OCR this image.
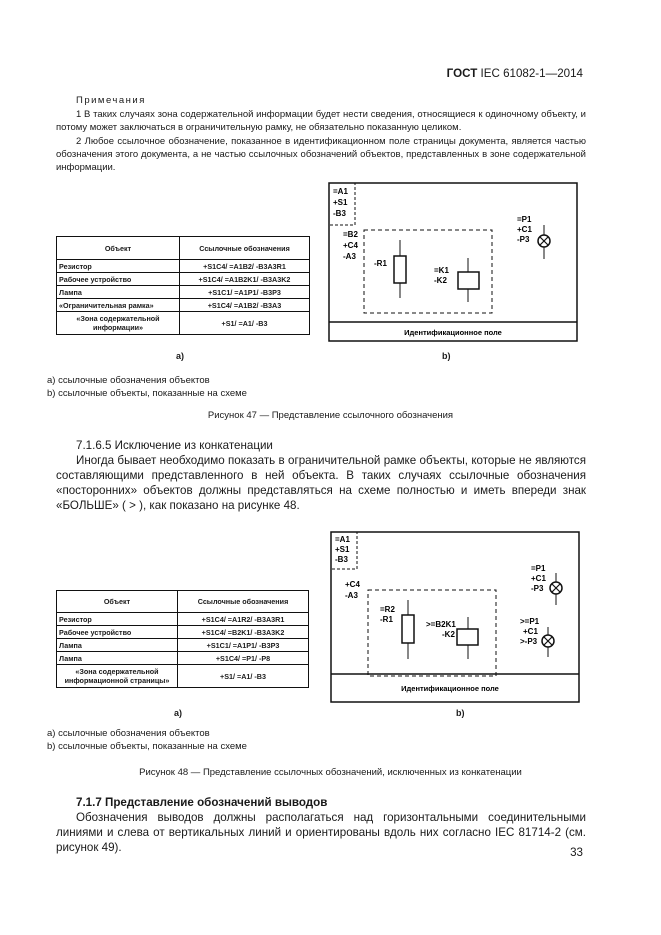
ГОСТ IEC 61082-1—2014
Примечания
1 В таких случаях зона содержательной информации будет нести сведения, относящиеся к одиночному объекту, и потому может заключаться в ограничительную рамку, не обязательно показанную целиком.
2 Любое ссылочное обозначение, показанное в идентификационном поле страницы документа, является частью обозначения этого документа, а не частью ссылочных обозначений объектов, представленных в зоне содержательной информации.
Объект	Ссылочные обозначения
Резистор	+S1C4/ =A1B2/ -B3A3R1
Рабочее устройство	+S1C4/ =A1B2K1/ -B3A3K2
Лампа	+S1C1/ =A1P1/ -B3P3
«Ограничительная рамка»	+S1C4/ =A1B2/ -B3A3
«Зона содержательной информации»	+S1/ =A1/ -B3
а)
=A1
+S1
-B3
=B2
+C4
-A3
-R1
=K1
-K2
=P1
+C1
-P3
Идентификационное поле
b)
а) ссылочные обозначения объектов
b) ссылочные объекты, показанные на схеме
Рисунок 47 — Представление ссылочного обозначения
7.1.6.5 Исключение из конкатенации
Иногда бывает необходимо показать в ограничительной рамке объекты, которые не являются составляющими представленного в ней объекта. В таких случаях ссылочные обозначения «посторонних» объектов должны представляться на схеме полностью и иметь впереди знак «БОЛЬШЕ» ( > ), как показано на рисунке 48.
Объект	Ссылочные обозначения
Резистор	+S1C4/ =A1R2/ -B3A3R1
Рабочее устройство	+S1C4/ =B2K1/ -B3A3K2
Лампа	+S1C1/ =A1P1/ -B3P3
Лампа	+S1C4/ =P1/ -P8
«Зона содержательной информационной страницы»	+S1/ =A1/ -B3
а)
=A1
+S1
-B3
+C4
-A3
=R2
-R1
>=B2K1
-K2
=P1
+C1
-P3
>=P1
+C1
>-P3
Идентификационное поле
b)
а) ссылочные обозначения объектов
b) ссылочные объекты, показанные на схеме
Рисунок 48 — Представление ссылочных обозначений, исключенных из конкатенации
7.1.7 Представление обозначений выводов
Обозначения выводов должны располагаться над горизонтальными соединительными линиями и слева от вертикальных линий и ориентированы вдоль них согласно IEC 81714-2 (см. рисунок 49).	33
